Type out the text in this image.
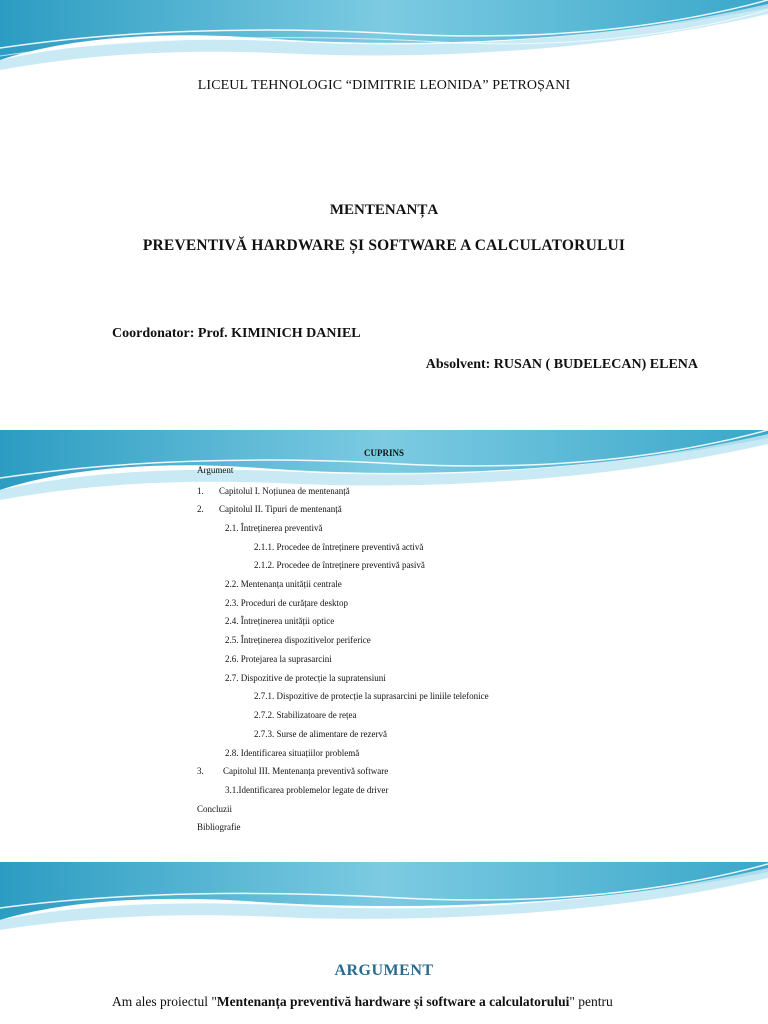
LICEUL TEHNOLOGIC “DIMITRIE LEONIDA” PETROȘANI
MENTENANȚA
PREVENTIVĂ HARDWARE ȘI SOFTWARE A CALCULATORULUI
Coordonator: Prof. KIMINICH DANIEL
Absolvent: RUSAN ( BUDELECAN) ELENA
CUPRINS
Argument
1. Capitolul I. Noțiunea de mentenanță
2. Capitolul II. Tipuri de mentenanță
2.1. Întreținerea preventivă
2.1.1. Procedee de întreținere preventivă activă
2.1.2. Procedee de întreținere preventivă pasivă
2.2. Mentenanța unității centrale
2.3. Proceduri de curățare desktop
2.4. Întreținerea unității optice
2.5. Întreținerea dispozitivelor periferice
2.6. Protejarea la suprasarcini
2.7. Dispozitive de protecție la supratensiuni
2.7.1. Dispozitive de protecție la suprasarcini pe liniile telefonice
2.7.2. Stabilizatoare de rețea
2.7.3. Surse de alimentare de rezervă
2.8. Identificarea situațiilor problemă
3. Capitolul III. Mentenanța preventivă software
3.1.Identificarea problemelor legate de driver
Concluzii
Bibliografie
ARGUMENT
Am ales proiectul "Mentenanța preventivă hardware și software a calculatorului" pentru
